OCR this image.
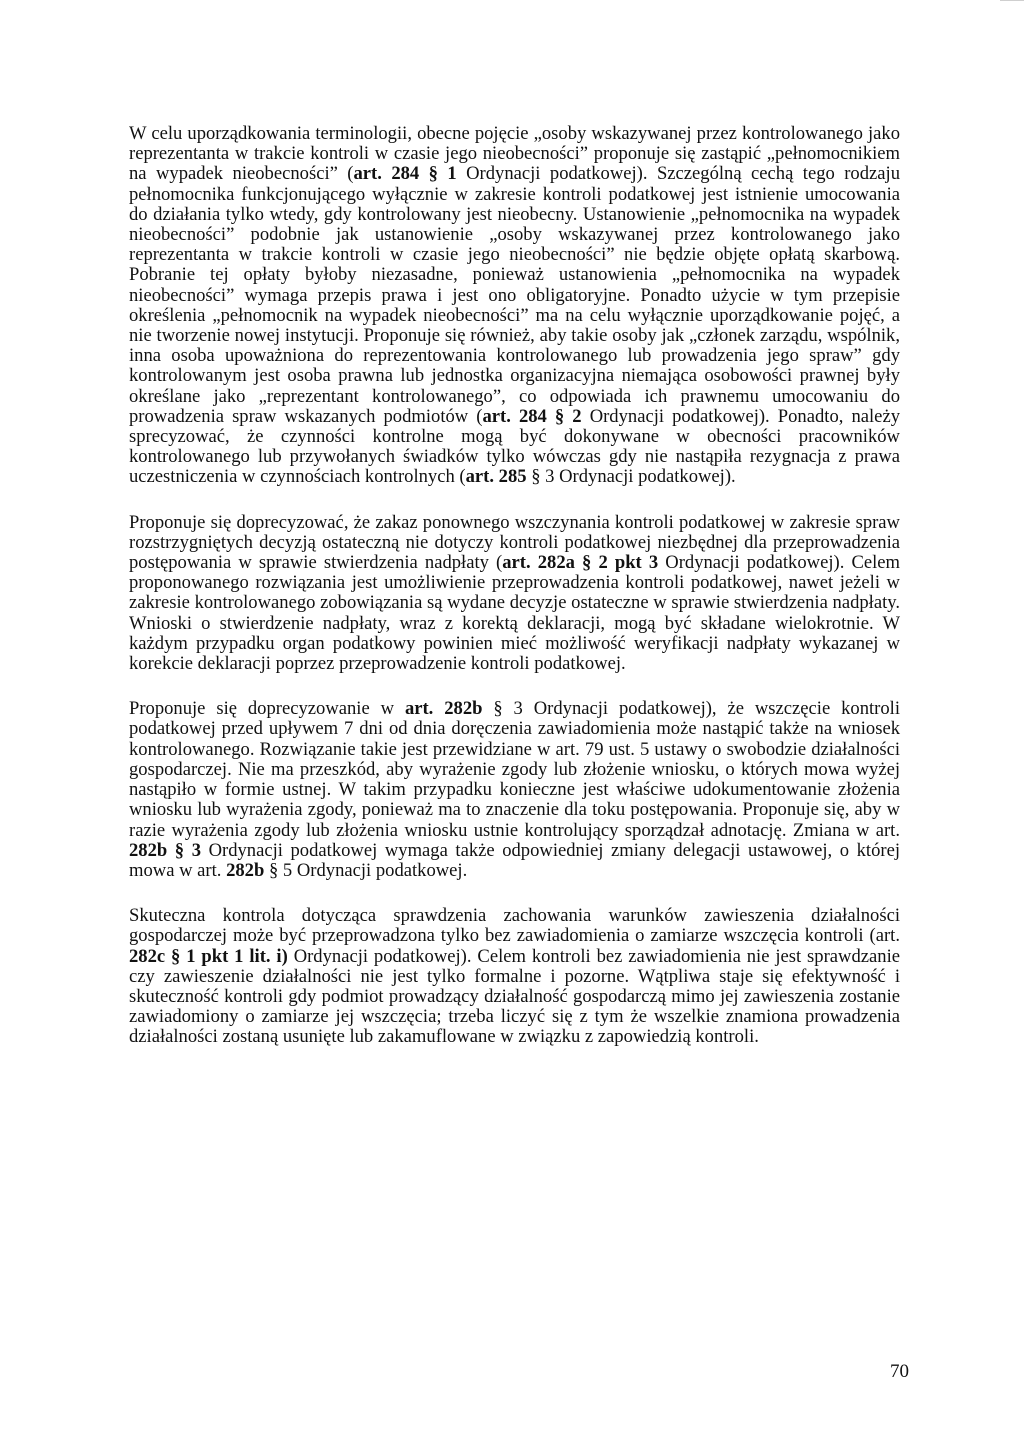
W celu uporządkowania terminologii, obecne pojęcie „osoby wskazywanej przez kontrolowanego jako reprezentanta w trakcie kontroli w czasie jego nieobecności” proponuje się zastąpić „pełnomocnikiem na wypadek nieobecności” (art. 284 § 1 Ordynacji podatkowej). Szczególną cechą tego rodzaju pełnomocnika funkcjonującego wyłącznie w zakresie kontroli podatkowej jest istnienie umocowania do działania tylko wtedy, gdy kontrolowany jest nieobecny. Ustanowienie „pełnomocnika na wypadek nieobecności” podobnie jak ustanowienie „osoby wskazywanej przez kontrolowanego jako reprezentanta w trakcie kontroli w czasie jego nieobecności” nie będzie objęte opłatą skarbową. Pobranie tej opłaty byłoby niezasadne, ponieważ ustanowienia „pełnomocnika na wypadek nieobecności” wymaga przepis prawa i jest ono obligatoryjne. Ponadto użycie w tym przepisie określenia „pełnomocnik na wypadek nieobecności” ma na celu wyłącznie uporządkowanie pojęć, a nie tworzenie nowej instytucji. Proponuje się również, aby takie osoby jak „członek zarządu, wspólnik, inna osoba upoważniona do reprezentowania kontrolowanego lub prowadzenia jego spraw” gdy kontrolowanym jest osoba prawna lub jednostka organizacyjna niemająca osobowości prawnej były określane jako „reprezentant kontrolowanego”, co odpowiada ich prawnemu umocowaniu do prowadzenia spraw wskazanych podmiotów (art. 284 § 2 Ordynacji podatkowej). Ponadto, należy sprecyzować, że czynności kontrolne mogą być dokonywane w obecności pracowników kontrolowanego lub przywołanych świadków tylko wówczas gdy nie nastąpiła rezygnacja z prawa uczestniczenia w czynnościach kontrolnych (art. 285 § 3 Ordynacji podatkowej).

Proponuje się doprecyzować, że zakaz ponownego wszczynania kontroli podatkowej w zakresie spraw rozstrzygniętych decyzją ostateczną nie dotyczy kontroli podatkowej niezbędnej dla przeprowadzenia postępowania w sprawie stwierdzenia nadpłaty (art. 282a § 2 pkt 3 Ordynacji podatkowej). Celem proponowanego rozwiązania jest umożliwienie przeprowadzenia kontroli podatkowej, nawet jeżeli w zakresie kontrolowanego zobowiązania są wydane decyzje ostateczne w sprawie stwierdzenia nadpłaty. Wnioski o stwierdzenie nadpłaty, wraz z korektą deklaracji, mogą być składane wielokrotnie. W każdym przypadku organ podatkowy powinien mieć możliwość weryfikacji nadpłaty wykazanej w korekcie deklaracji poprzez przeprowadzenie kontroli podatkowej.

Proponuje się doprecyzowanie w art. 282b § 3 Ordynacji podatkowej), że wszczęcie kontroli podatkowej przed upływem 7 dni od dnia doręczenia zawiadomienia może nastąpić także na wniosek kontrolowanego. Rozwiązanie takie jest przewidziane w art. 79 ust. 5 ustawy o swobodzie działalności gospodarczej. Nie ma przeszkód, aby wyrażenie zgody lub złożenie wniosku, o których mowa wyżej nastąpiło w formie ustnej. W takim przypadku konieczne jest właściwe udokumentowanie złożenia wniosku lub wyrażenia zgody, ponieważ ma to znaczenie dla toku postępowania. Proponuje się, aby w razie wyrażenia zgody lub złożenia wniosku ustnie kontrolujący sporządzał adnotację. Zmiana w art. 282b § 3 Ordynacji podatkowej wymaga także odpowiedniej zmiany delegacji ustawowej, o której mowa w art. 282b § 5 Ordynacji podatkowej.

Skuteczna kontrola dotycząca sprawdzenia zachowania warunków zawieszenia działalności gospodarczej może być przeprowadzona tylko bez zawiadomienia o zamiarze wszczęcia kontroli (art. 282c § 1 pkt 1 lit. i) Ordynacji podatkowej). Celem kontroli bez zawiadomienia nie jest sprawdzanie czy zawieszenie działalności nie jest tylko formalne i pozorne. Wątpliwa staje się efektywność i skuteczność kontroli gdy podmiot prowadzący działalność gospodarczą mimo jej zawieszenia zostanie zawiadomiony o zamiarze jej wszczęcia; trzeba liczyć się z tym że wszelkie znamiona prowadzenia działalności zostaną usunięte lub zakamuflowane w związku z zapowiedzią kontroli.

70
